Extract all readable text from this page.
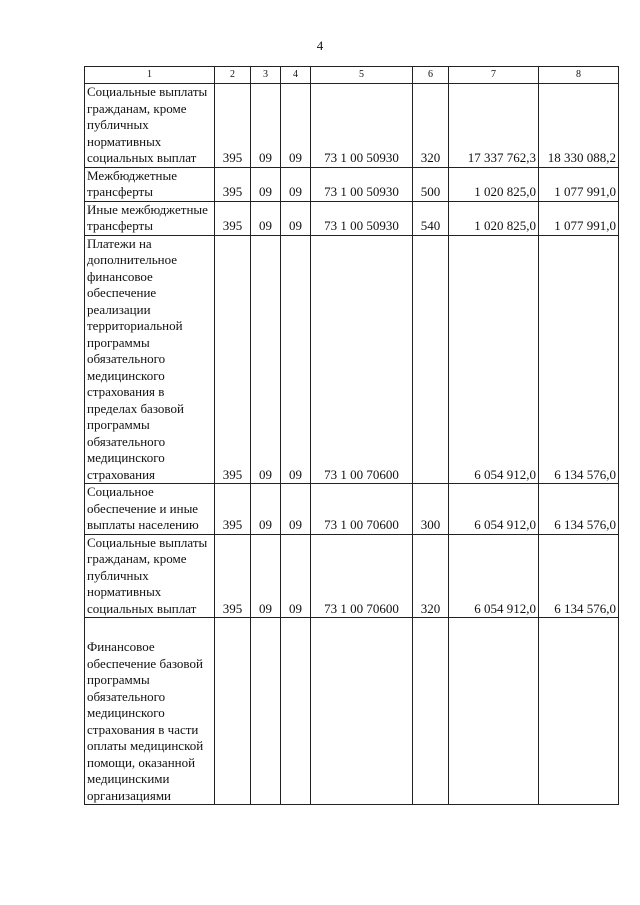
4
1	2	3	4	5	6	7	8
Социальные выплаты гражданам, кроме публичных нормативных социальных выплат	395	09	09	73 1 00 50930	320	17 337 762,3	18 330 088,2
Межбюджетные трансферты	395	09	09	73 1 00 50930	500	1 020 825,0	1 077 991,0
Иные межбюджетные трансферты	395	09	09	73 1 00 50930	540	1 020 825,0	1 077 991,0
Платежи на дополнительное финансовое обеспечение реализации территориальной программы обязательного медицинского страхования в пределах базовой программы обязательного медицинского страхования	395	09	09	73 1 00 70600		6 054 912,0	6 134 576,0
Социальное обеспечение и иные выплаты населению	395	09	09	73 1 00 70600	300	6 054 912,0	6 134 576,0
Социальные выплаты гражданам, кроме публичных нормативных социальных выплат	395	09	09	73 1 00 70600	320	6 054 912,0	6 134 576,0
Финансовое обеспечение базовой программы обязательного медицинского страхования в части оплаты медицинской помощи, оказанной медицинскими организациями							
